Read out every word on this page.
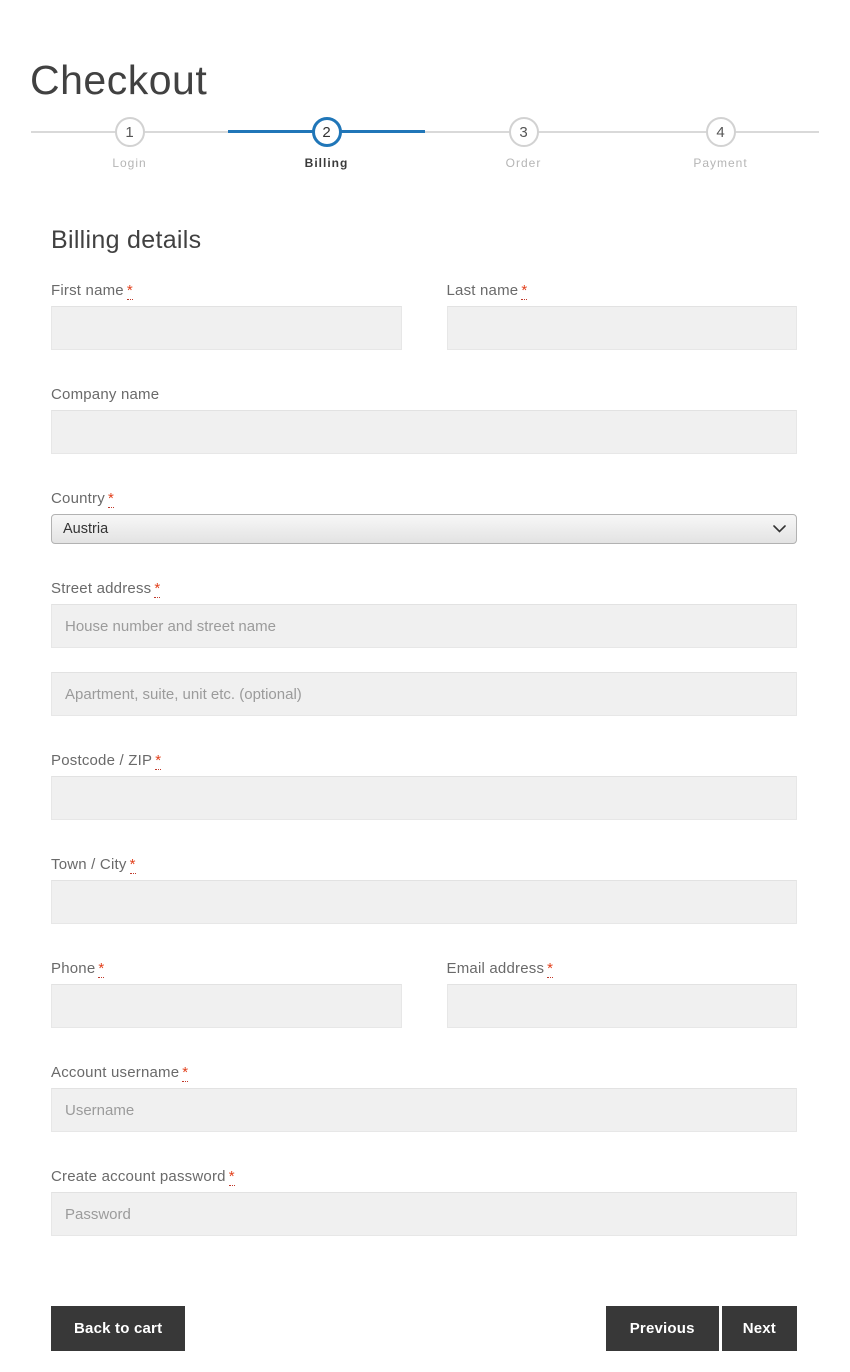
Checkout
1
Login
2
Billing
3
Order
4
Payment
Billing details
First name *	Last name *
Company name
Country *
Austria
Street address *
House number and street name
Apartment, suite, unit etc. (optional)
Postcode / ZIP *
Town / City *
Phone *	Email address *
Account username *
Username
Create account password *
Password
Back to cart	Previous	Next
